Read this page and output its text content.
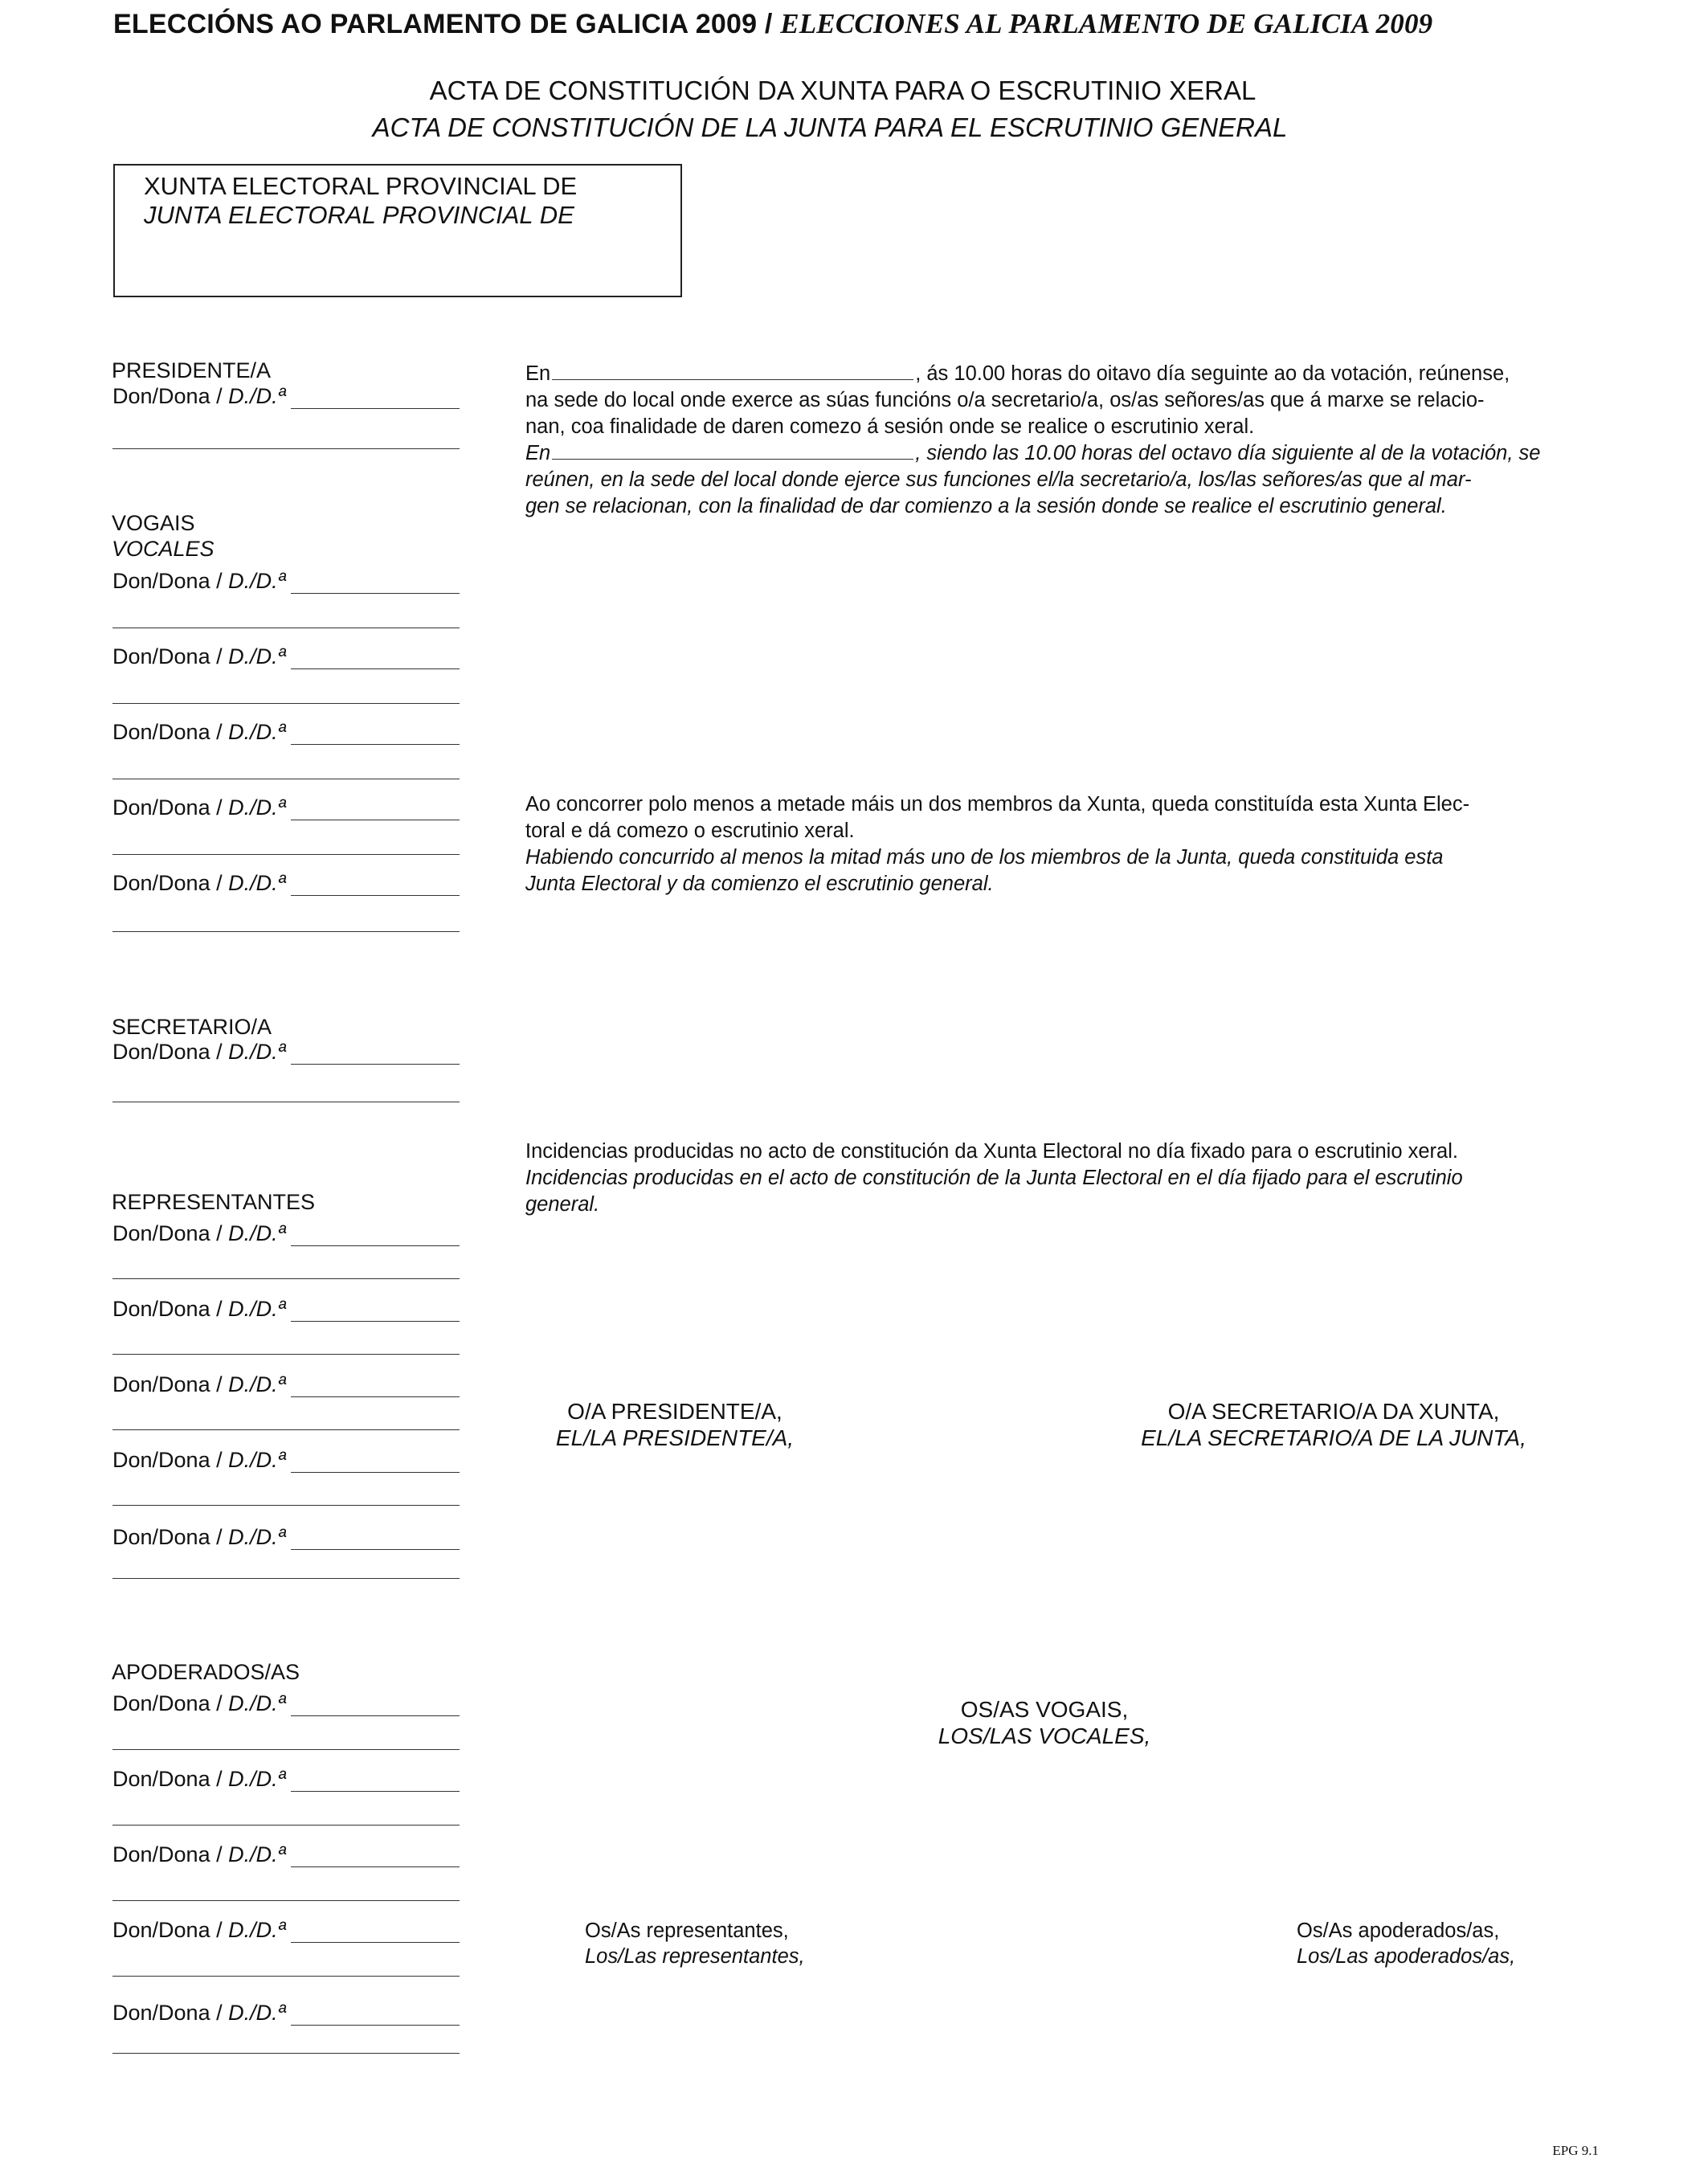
ELECCIÓNS AO PARLAMENTO DE GALICIA 2009 / ELECCIONES AL PARLAMENTO DE GALICIA 2009
ACTA DE CONSTITUCIÓN DA XUNTA PARA O ESCRUTINIO XERAL
ACTA DE CONSTITUCIÓN DE LA JUNTA PARA EL ESCRUTINIO GENERAL
XUNTA ELECTORAL PROVINCIAL DE
JUNTA ELECTORAL PROVINCIAL DE
PRESIDENTE/A
Don/Dona / D./D.ª
VOGAIS
VOCALES
Don/Dona / D./D.ª
Don/Dona / D./D.ª
Don/Dona / D./D.ª
Don/Dona / D./D.ª
Don/Dona / D./D.ª
SECRETARIO/A
Don/Dona / D./D.ª
REPRESENTANTES
Don/Dona / D./D.ª
Don/Dona / D./D.ª
Don/Dona / D./D.ª
Don/Dona / D./D.ª
Don/Dona / D./D.ª
APODERADOS/AS
Don/Dona / D./D.ª
Don/Dona / D./D.ª
Don/Dona / D./D.ª
Don/Dona / D./D.ª
Don/Dona / D./D.ª
En	, ás 10.00 horas do oitavo día seguinte ao da votación, reúnense,
na sede do local onde exerce as súas funcións o/a secretario/a, os/as señores/as que á marxe se relacio-
nan, coa finalidade de daren comezo á sesión onde se realice o escrutinio xeral.
En	, siendo las 10.00 horas del octavo día siguiente al de la votación, se
reúnen, en la sede del local donde ejerce sus funciones el/la secretario/a, los/las señores/as que al mar-
gen se relacionan, con la finalidad de dar comienzo a la sesión donde se realice el escrutinio general.
Ao concorrer polo menos a metade máis un dos membros da Xunta, queda constituída esta Xunta Elec-
toral e dá comezo o escrutinio xeral.
Habiendo concurrido al menos la mitad más uno de los miembros de la Junta, queda constituida esta
Junta Electoral y da comienzo el escrutinio general.
Incidencias producidas no acto de constitución da Xunta Electoral no día fixado para o escrutinio xeral.
Incidencias producidas en el acto de constitución de la Junta Electoral en el día fijado para el escrutinio
general.
O/A PRESIDENTE/A,
EL/LA PRESIDENTE/A,
O/A SECRETARIO/A DA XUNTA,
EL/LA SECRETARIO/A DE LA JUNTA,
OS/AS VOGAIS,
LOS/LAS VOCALES,
Os/As representantes,
Los/Las representantes,
Os/As apoderados/as,
Los/Las apoderados/as,
EPG 9.1
